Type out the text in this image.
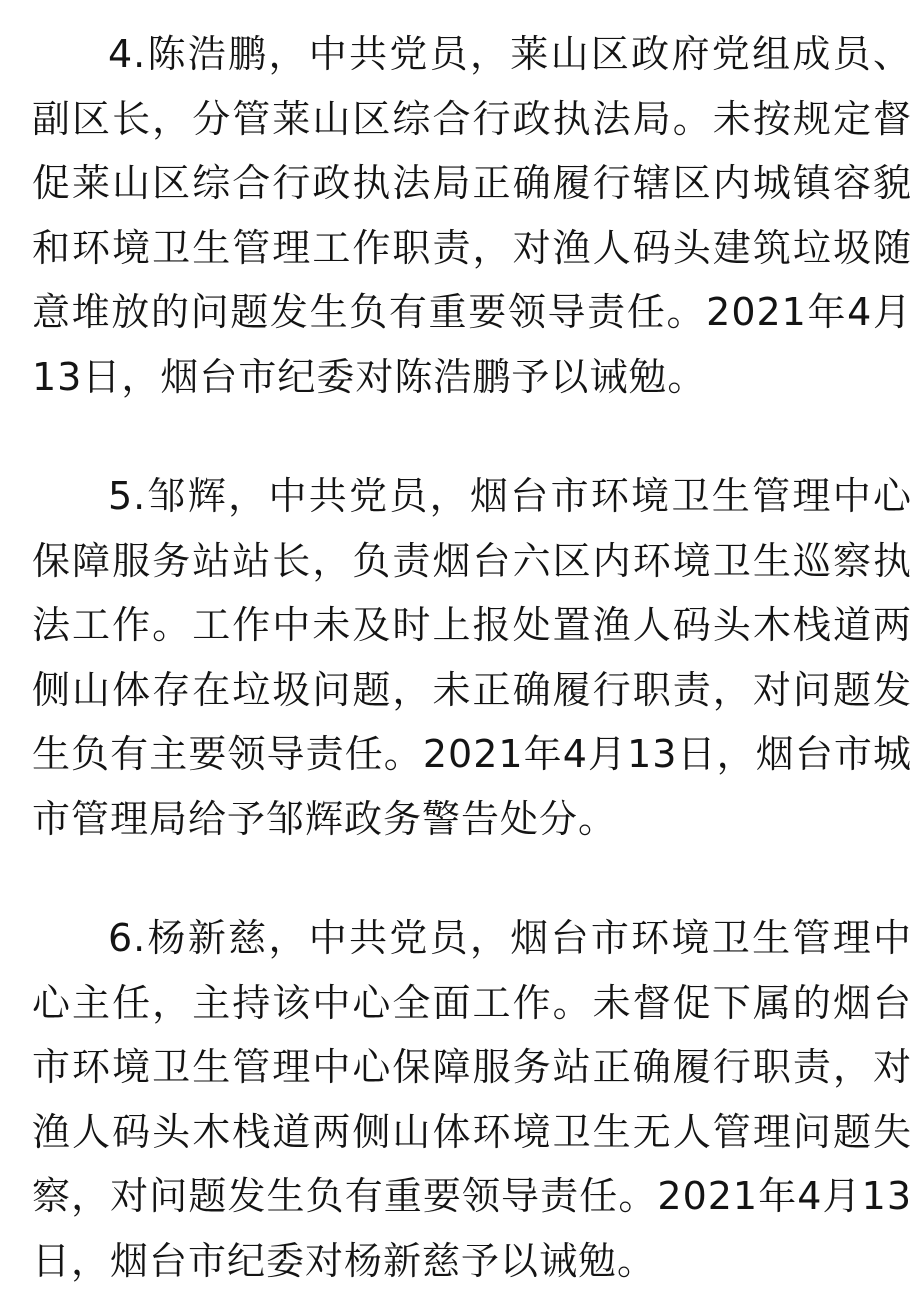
4.陈浩鹏，中共党员，莱山区政府党组成员、副区长，分管莱山区综合行政执法局。未按规定督促莱山区综合行政执法局正确履行辖区内城镇容貌和环境卫生管理工作职责，对渔人码头建筑垃圾随意堆放的问题发生负有重要领导责任。2021年4月13日，烟台市纪委对陈浩鹏予以诫勉。

5.邹辉，中共党员，烟台市环境卫生管理中心保障服务站站长，负责烟台六区内环境卫生巡察执法工作。工作中未及时上报处置渔人码头木栈道两侧山体存在垃圾问题，未正确履行职责，对问题发生负有主要领导责任。2021年4月13日，烟台市城市管理局给予邹辉政务警告处分。

6.杨新慈，中共党员，烟台市环境卫生管理中心主任，主持该中心全面工作。未督促下属的烟台市环境卫生管理中心保障服务站正确履行职责，对渔人码头木栈道两侧山体环境卫生无人管理问题失察，对问题发生负有重要领导责任。2021年4月13日，烟台市纪委对杨新慈予以诫勉。
